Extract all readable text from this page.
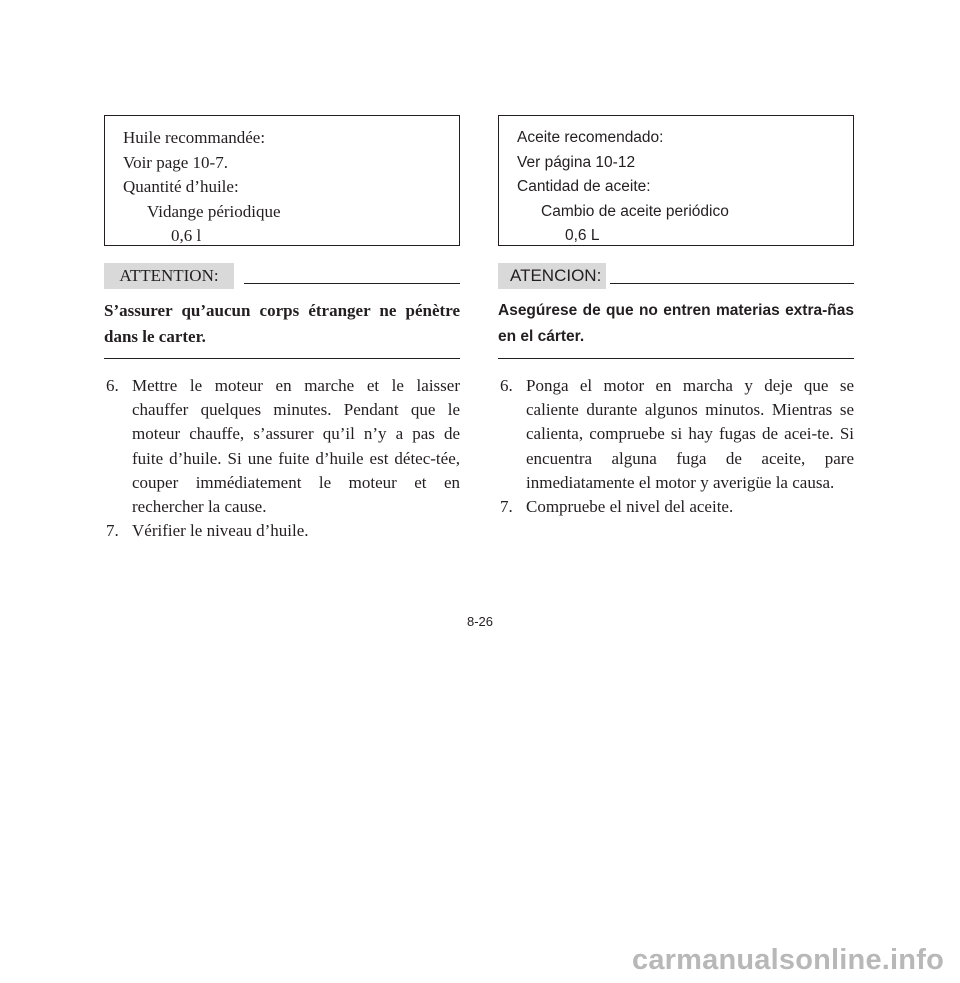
Huile recommandée:
Voir page 10-7.
Quantité d’huile:
Vidange périodique
0,6 l
ATTENTION:
S’assurer qu’aucun corps étranger ne pénètre dans le carter.
6. Mettre le moteur en marche et le laisser chauffer quelques minutes. Pendant que le moteur chauffe, s’assurer qu’il n’y a pas de fuite d’huile. Si une fuite d’huile est détec-tée, couper immédiatement le moteur et en rechercher la cause.
7. Vérifier le niveau d’huile.
Aceite recomendado:
Ver página 10-12
Cantidad de aceite:
Cambio de aceite periódico
0,6 L
ATENCION:
Asegúrese de que no entren materias extra-ñas en el cárter.
6. Ponga el motor en marcha y deje que se caliente durante algunos minutos. Mientras se calienta, compruebe si hay fugas de acei-te. Si encuentra alguna fuga de aceite, pare inmediatamente el motor y averigüe la causa.
7. Compruebe el nivel del aceite.
8-26
carmanualsonline.info
